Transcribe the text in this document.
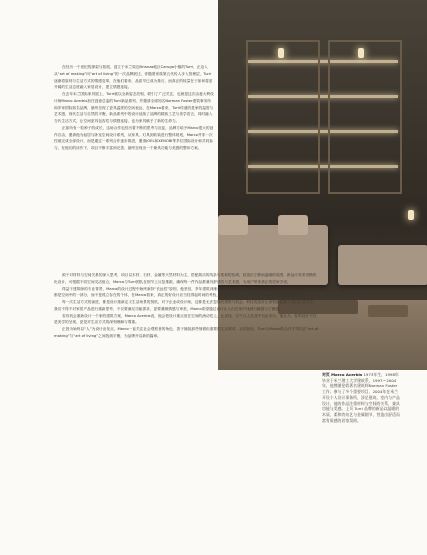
在经历一个世纪的探索与拓展，创立于米兰周边Brianza地区Carugo小镇的Turri，正迈入从“art of making”向“art of living”的一次品牌跃迁，伴随着家族第五代传人步入管理层，Turri逐渐将原则与生活方式的情感变革，在他们看来，品质早已成为基石，而真正的较量在于如何将更开阔的生活态度融入家居设计，建立情感连接。

在去年米兰国际家具展上，Turri就以全新姿态亮相，联引了广泛关注，也就是这次由意大利设计师Marco Acerbis担任创意总监的Turri新品系列，并邀请全球知名Norman Foster建筑事务所和多家国际知名品牌，最终呈现了更具温度的空间表达，在Marco看来，Turri传递的是家的温度与艺术感，现代生活与自然的平衡，新品系列中的设计延续了品牌的精致工艺与美学语言，同时融入当代生活方式，让空间更具包容性与情感连接，也为家具赋予了新的生命力。

正如所有一粒种子的成长，这场合作也经历着不断的思考与沉淀，品牌方给予Marco很大的创作自由，邀请他为起居与卧室空间设计系列，从家具、灯具到软装进行整体规划，Marco并非一次性地完成全部设计，而是通过一系列合作逐步推进，邀请JOEL和XENOBI等多位国际设计师共同参与，在他们的协作下，项目不断丰富和完善，最终呈现出一个兼具功能与美感的整体方案。

源于对材料与空间关系的深入思考，项目以木材、石材、金属等天然材料为主，搭配简洁的线条与柔和的色调，营造出宁静而温暖的氛围，新品沙发采用模块化设计，可根据不同空间灵活组合，Marco与Turri团队在细节上反复推敲，确保每一件作品都兼具舒适性与艺术感，为用户带来真正的居家享受。

得益于建筑师的专业背景，Marco的设计过程中始终秉持“长远性”原则，他坚信，多年建筑训练带来的最大影响是他总在关注人与空间之间的关系，每件家具都是空间中的一部分，而不是孤立存在的个体，在Marco看来，真正的好设计应当经得起时间的考验，不受潮流左右，这也是他与Turri理念相契合的地方。

每一次生活方式的演进，都是设计重新定义生活场景的契机，对于企业或设计师，这都是无法忽视的观察与机会，科技的进步正深刻改变着人们的生活方式，我们不得不对家居产品进行重新思考，不仅要满足功能需求，更要兼顾情感与审美，Marco希望通过设计让人们在家中找到归属感与宁静感。

若有机会重新设计一个家的建筑方案，Marco Acerbis说，他会把设计重点放在空间的流动性上，让光线、空气与人在其中自由穿行，他认为，好的设计不仅是美学的呈现，更是对生活方式的深刻理解与尊重。

正因为始终以“人”为设计出发点，Marco一直关注社会观察者的角色，善于捕捉那些细微但重要的生活需求，正因如此，Turri与Marco的合作才得以在“art of making”与“art of living”之间找到平衡，为品牌开启新的篇章。

对页 Marco Acerbis 1973年生，1998年毕业于米兰理工大学建筑系，1997～2004年，他曾随伦敦著名建筑师Norman Foster工作，参与了多个重要项目，2004年在米兰开设个人设计事务所，涉足建筑、室内与产品设计，他的作品注重材料与空间的关系，兼具功能与美感。上页 Turri 品牌的新品以温暖的木质、柔和的布艺与金属细节，营造出舒适而富有质感的居家氛围。
